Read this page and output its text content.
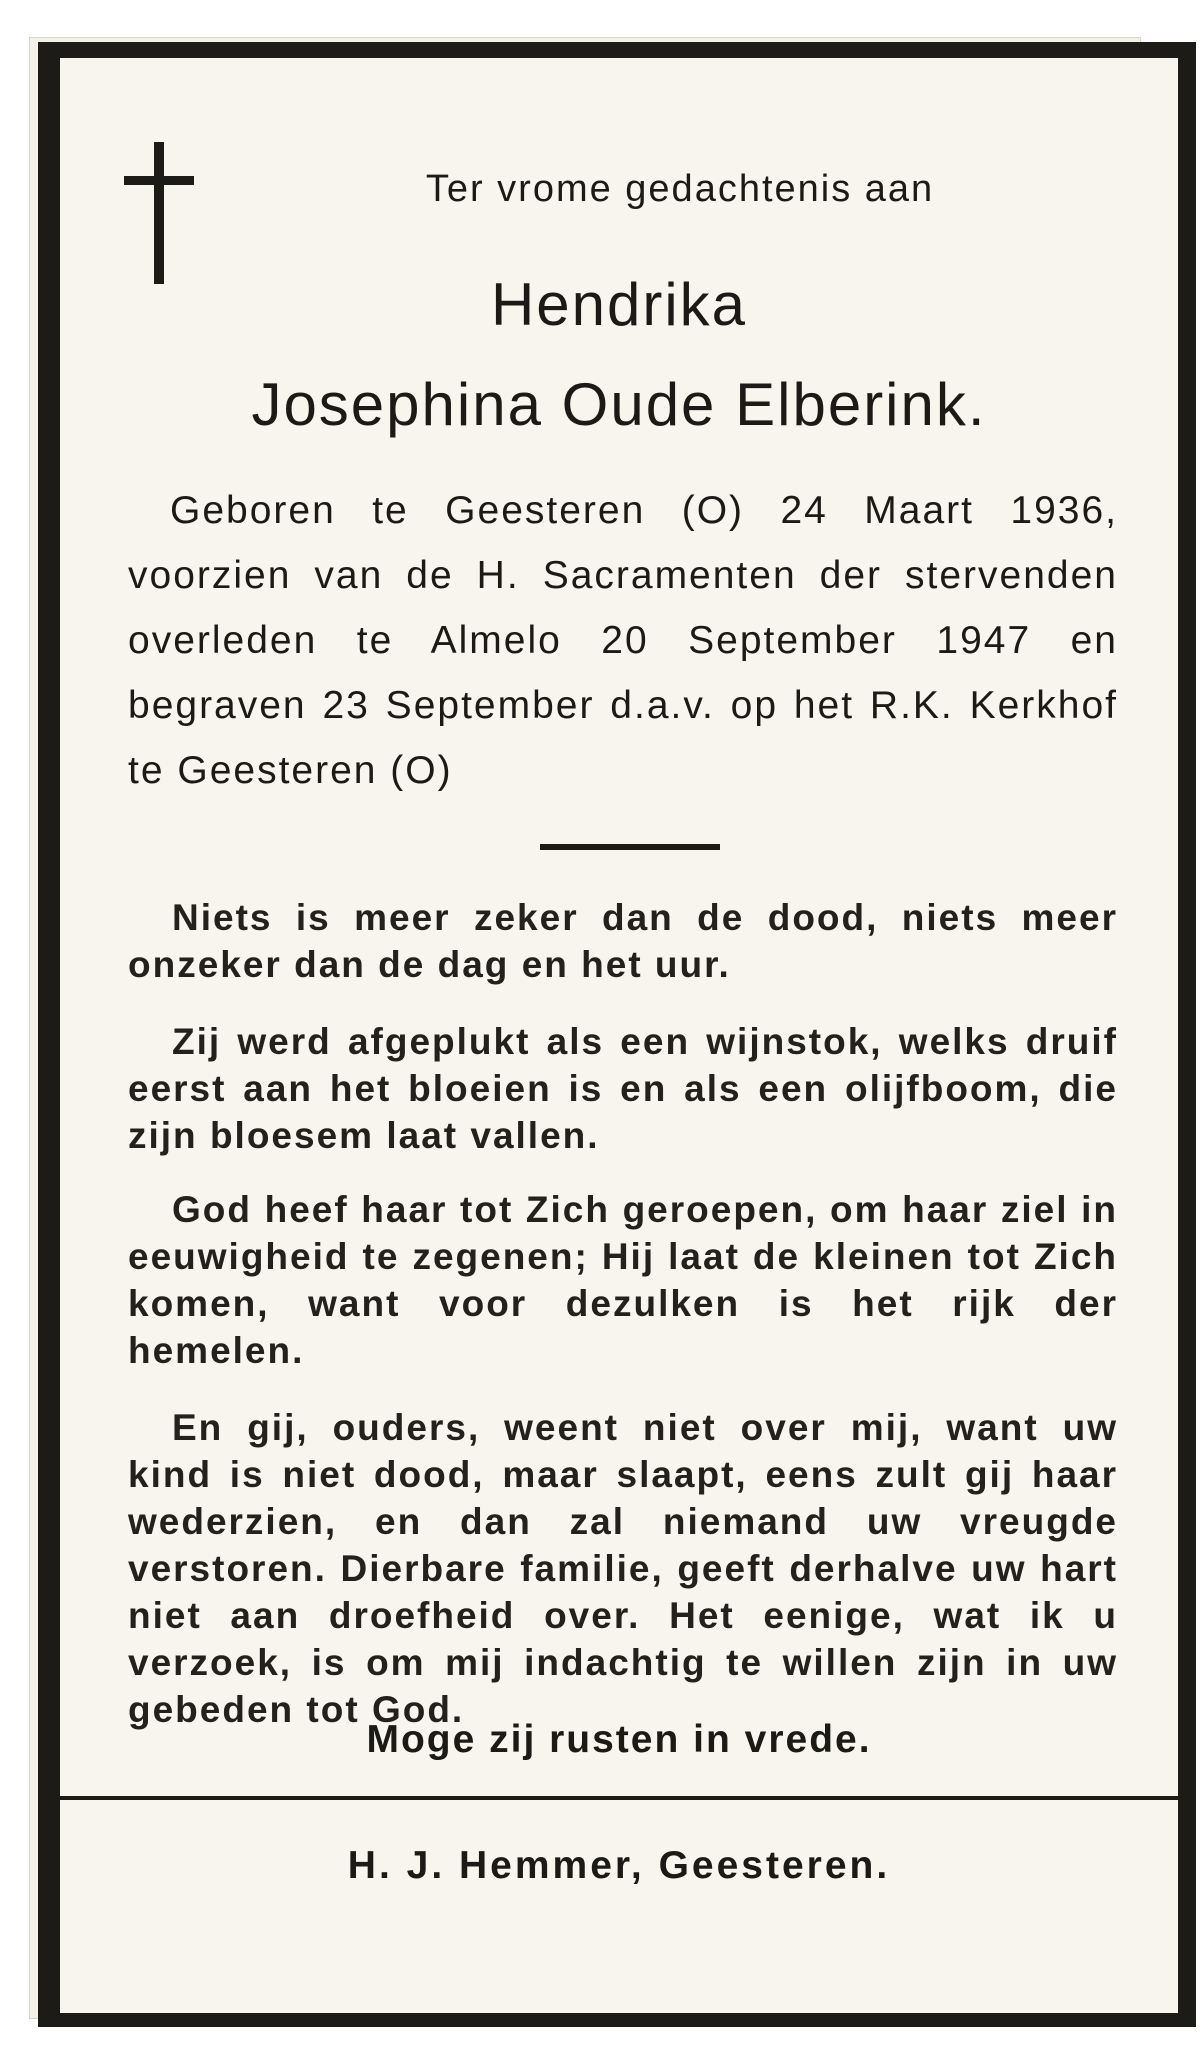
Ter vrome gedachtenis aan
Hendrika
Josephina Oude Elberink.
Geboren te Geesteren (O) 24 Maart 1936, voorzien van de H. Sacramenten der stervenden overleden te Almelo 20 September 1947 en begraven 23 September d.a.v. op het R.K. Kerkhof te Geesteren (O)
Niets is meer zeker dan de dood, niets meer onzeker dan de dag en het uur.
Zij werd afgeplukt als een wijnstok, welks druif eerst aan het bloeien is en als een olijfboom, die zijn bloesem laat vallen.
God heef haar tot Zich geroepen, om haar ziel in eeuwigheid te zegenen; Hij laat de kleinen tot Zich komen, want voor dezulken is het rijk der hemelen.
En gij, ouders, weent niet over mij, want uw kind is niet dood, maar slaapt, eens zult gij haar wederzien, en dan zal niemand uw vreugde verstoren. Dierbare familie, geeft derhalve uw hart niet aan droefheid over. Het eenige, wat ik u verzoek, is om mij indachtig te willen zijn in uw gebeden tot God.
Moge zij rusten in vrede.
H. J. Hemmer, Geesteren.
